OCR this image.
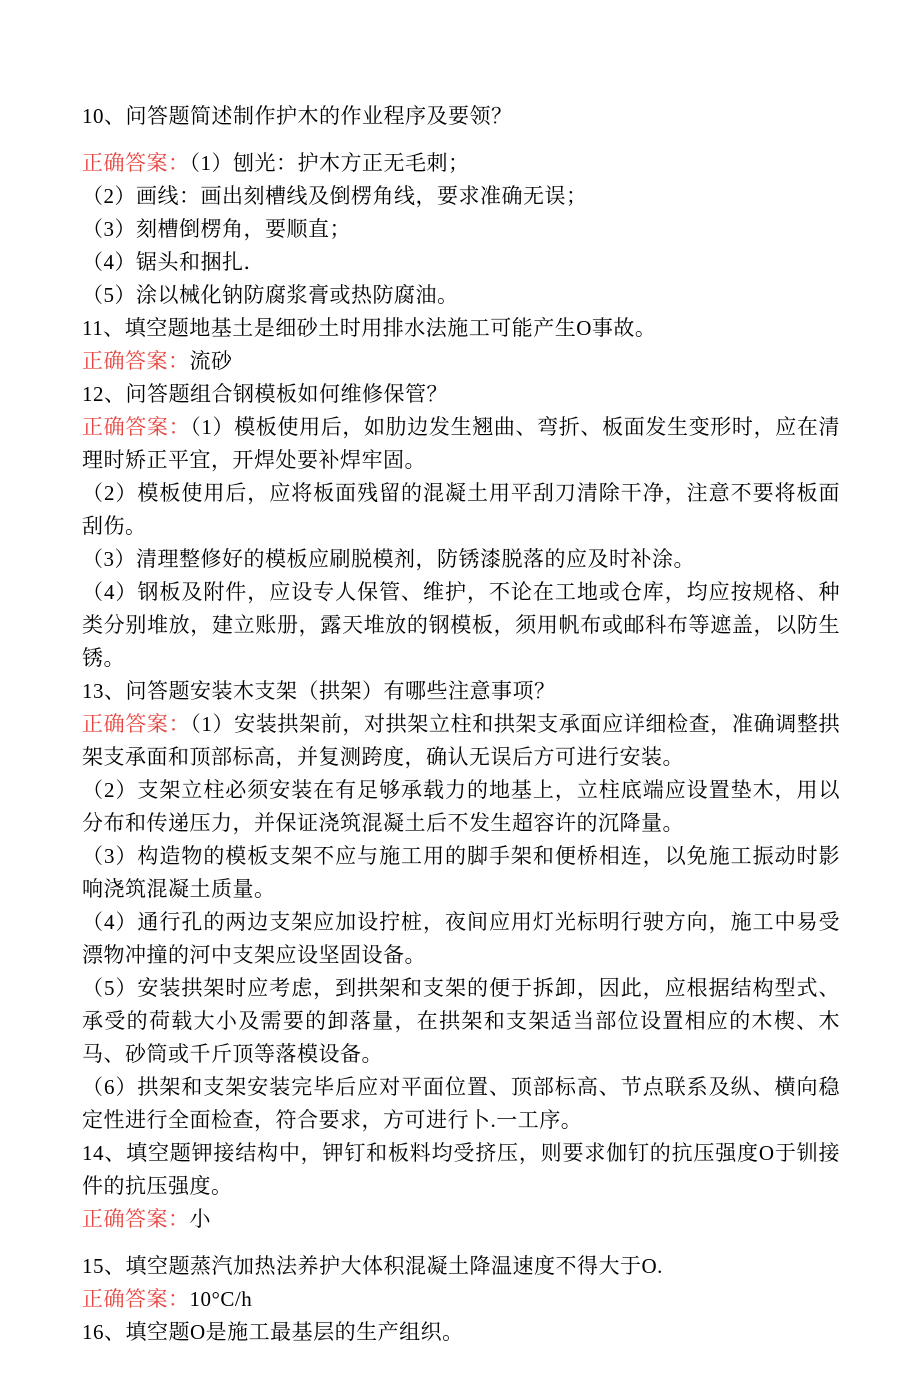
10、问答题简述制作护木的作业程序及要领？

正确答案：（1）刨光：护木方正无毛刺；

（2）画线：画出刻槽线及倒楞角线，要求准确无误；

（3）刻槽倒楞角，要顺直；

（4）锯头和捆扎．

（5）涂以械化钠防腐浆膏或热防腐油。

11、填空题地基土是细砂土时用排水法施工可能产生O事故。

正确答案：流砂

12、问答题组合钢模板如何维修保管？

正确答案：（1）模板使用后，如肋边发生翘曲、弯折、板面发生变形时，应在清理时矫正平宜，开焊处要补焊牢固。

（2）模板使用后，应将板面残留的混凝土用平刮刀清除干净，注意不要将板面刮伤。

（3）清理整修好的模板应刷脱模剂，防锈漆脱落的应及时补涂。

（4）钢板及附件，应设专人保管、维护，不论在工地或仓库，均应按规格、种类分别堆放，建立账册，露天堆放的钢模板，须用帆布或邮科布等遮盖，以防生锈。

13、问答题安装木支架（拱架）有哪些注意事项？

正确答案：（1）安装拱架前，对拱架立柱和拱架支承面应详细检查，准确调整拱架支承面和顶部标高，并复测跨度，确认无误后方可进行安装。

（2）支架立柱必须安装在有足够承载力的地基上，立柱底端应设置垫木，用以分布和传递压力，并保证浇筑混凝土后不发生超容许的沉降量。

（3）构造物的模板支架不应与施工用的脚手架和便桥相连，以免施工振动时影响浇筑混凝土质量。

（4）通行孔的两边支架应加设拧桩，夜间应用灯光标明行驶方向，施工中易受漂物冲撞的河中支架应设坚固设备。

（5）安装拱架时应考虑，到拱架和支架的便于拆卸，因此，应根据结构型式、承受的荷载大小及需要的卸落量，在拱架和支架适当部位设置相应的木楔、木马、砂筒或千斤顶等落模设备。

（6）拱架和支架安装完毕后应对平面位置、顶部标高、节点联系及纵、横向稳定性进行全面检查，符合要求，方可进行卜.一工序。

14、填空题钾接结构中，钾钉和板料均受挤压，则要求伽钉的抗压强度O于钏接件的抗压强度。

正确答案：小

15、填空题蒸汽加热法养护大体积混凝土降温速度不得大于O.

正确答案：10°C/h

16、填空题O是施工最基层的生产组织。
